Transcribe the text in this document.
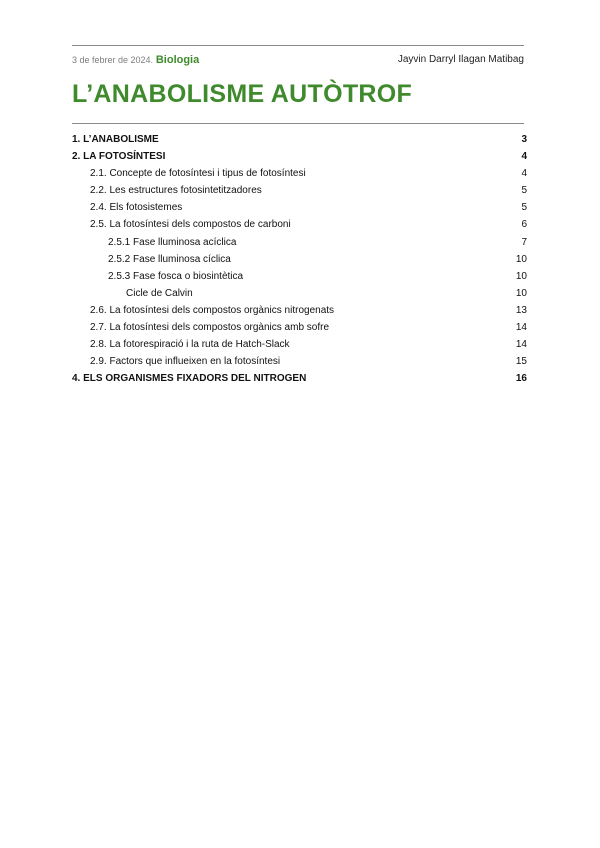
3 de febrer de 2024. Biologia	Jayvin Darryl Ilagan Matibag
L’ANABOLISME AUTÒTROF
1. L’ANABOLISME	3
2. LA FOTOSÍNTESI	4
2.1. Concepte de fotosíntesi i tipus de fotosíntesi	4
2.2. Les estructures fotosintetitzadores	5
2.4. Els fotosistemes	5
2.5. La fotosíntesi dels compostos de carboni	6
2.5.1 Fase lluminosa acíclica	7
2.5.2 Fase lluminosa cíclica	10
2.5.3 Fase fosca o biosintètica	10
Cicle de Calvin	10
2.6. La fotosíntesi dels compostos orgànics nitrogenats	13
2.7. La fotosíntesi dels compostos orgànics amb sofre	14
2.8. La fotorespiració i la ruta de Hatch-Slack	14
2.9. Factors que influeixen en la fotosíntesi	15
4. ELS ORGANISMES FIXADORS DEL NITROGEN	16
